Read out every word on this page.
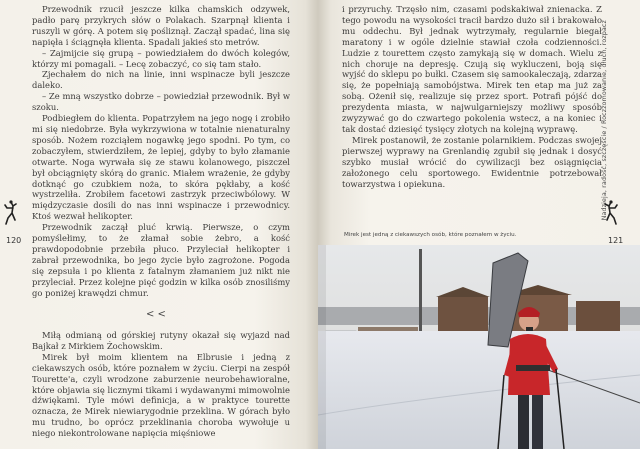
Przewodnik rzucił jeszcze kilka chamskich odzywek, padło parę przykrych słów o Polakach. Szarpnął klienta i ruszyli w górę. A potem się pośliznął. Zaczął spadać, lina się napięła i ściągnęła klienta. Spadali jakieś sto metrów.

– Zajmijcie się grupą – powiedziałem do dwóch kolegów, którzy mi pomagali. – Lecę zobaczyć, co się tam stało.

Zjechałem do nich na linie, inni wspinacze byli jeszcze daleko.

– Ze mną wszystko dobrze – powiedział przewodnik. Był w szoku.

Podbiegłem do klienta. Popatrzyłem na jego nogę i zrobiło mi się niedobrze. Była wykrzywiona w totalnie nienaturalny sposób. Nożem rozciąłem nogawkę jego spodni. Po tym, co zobaczyłem, stwierdziłem, że lepiej, gdyby to było złamanie otwarte. Noga wyrwała się ze stawu kolanowego, piszczel był obciągnięty skórą do granic. Miałem wrażenie, że gdyby dotknąć go czubkiem noża, to skóra pękłaby, a kość wystrzeliła. Zrobiłem facetowi zastrzyk przeciwbólowy. W międzyczasie dosili do nas inni wspinacze i przewodnicy. Ktoś wezwał helikopter.

Przewodnik zaczął pluć krwią. Pierwsze, o czym pomyślełimy, to że złamał sobie żebro, a kość prawdopodobnie przebiła płuco. Przyleciał helikopter i zabrał przewodnika, bo jego życie było zagrożone. Pogoda się zepsuła i po klienta z fatalnym złamaniem już nikt nie przyleciał. Przez kolejne pięć godzin w kilka osób znosiliśmy go poniżej krawędzi chmur.

120
< <

Miłą odmianą od górskiej rutyny okazał się wyjazd nad Bajkał z Mirkiem Żochowskim.

Mirek był moim klientem na Elbrusie i jedną z ciekawszych osób, które poznałem w życiu. Cierpi na zespół Tourette'a, czyli wrodzone zaburzenie neurobehawioralne, które objawia się licznymi tikami i wydawanymi mimowolnie dźwiękami. Tyle mówi definicja, a w praktyce tourette oznacza, że Mirek niewiarygodnie przeklina. W górach było mu trudno, bo oprócz przeklinania choroba wywołuje u niego niekontrolowane napięcia mięśniowe

i przyruchy. Trzęsło nim, czasami podskakiwał znienacka. Z tego powodu na wysokości tracił bardzo dużo sił i brakowało mu oddechu. Był jednak wytrzymały, regularnie biegał maratony i w ogóle dzielnie stawiał czoła codzienności. Ludzie z tourettem często zamykają się w domach. Wielu z nich choruje na depresję. Czują się wykluczeni, boją się wyjść do sklepu po bułki. Czasem się samookaleczają, zdarza się, że popełniają samobójstwa. Mirek ten etap ma już za sobą. Ożenił się, realizuje się przez sport. Potrafi pójść do prezydenta miasta, w najwulgarniejszy możliwy sposób zwyzywać go do czwartego pokolenia wstecz, a na koniec i tak dostać dziesięć tysięcy złotych na kolejną wyprawę.

Mirek postanowił, że zostanie polarnikiem. Podczas swojej pierwszej wyprawy na Grenlandię zgubił się jednak i dosyć szybko musiał wrócić do cywilizacji bez osiągnięcia założonego celu sportowego. Ewidentnie potrzebował towarzystwa i opiekuna.	Nadzieja, radość, szczęście / Roczzomowanie, dłuch, rozpacz
121
Mirek jest jedną z ciekawszych osób, które poznałem w życiu.
